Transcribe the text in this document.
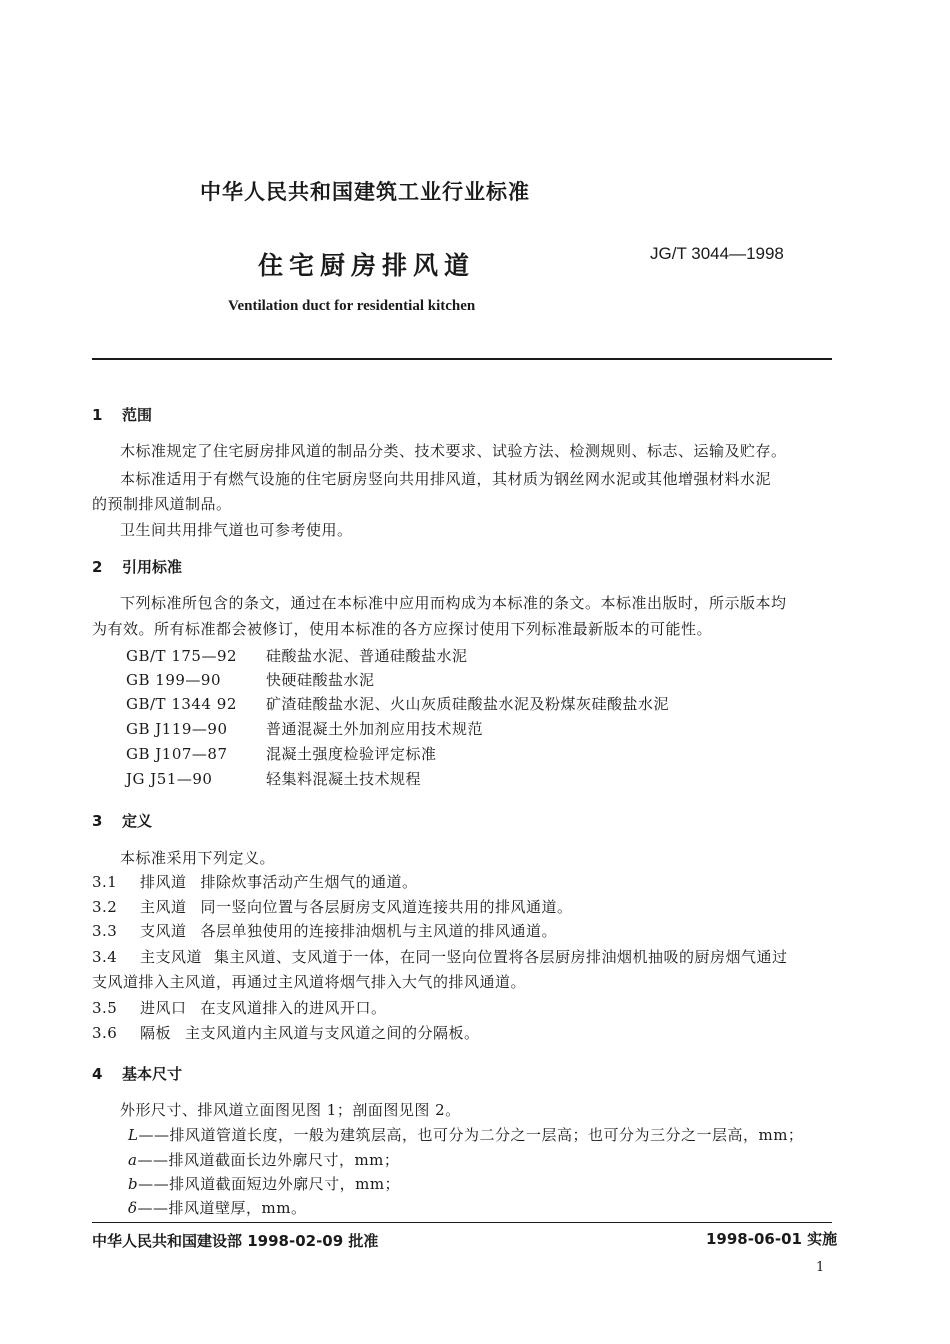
中华人民共和国建筑工业行业标准
住宅厨房排风道	JG/T 3044—1998
Ventilation duct for residential kitchen
1 范围
木标准规定了住宅厨房排风道的制品分类、技术要求、试验方法、检测规则、标志、运输及贮存。
本标准适用于有燃气设施的住宅厨房竖向共用排风道，其材质为钢丝网水泥或其他增强材料水泥
的预制排风道制品。
卫生间共用排气道也可参考使用。
2 引用标准
下列标准所包含的条文，通过在本标准中应用而构成为本标准的条文。本标准出版时，所示版本均
为有效。所有标准都会被修订，使用本标准的各方应探讨使用下列标准最新版本的可能性。
GB/T 175—92 硅酸盐水泥、普通硅酸盐水泥
GB 199—90	快硬硅酸盐水泥
GB/T 1344 92 矿渣硅酸盐水泥、火山灰质硅酸盐水泥及粉煤灰硅酸盐水泥
GB J119—90	普通混凝土外加剂应用技术规范
GB J107—87	混凝土强度检验评定标准
JG J51—90	轻集料混凝土技术规程
3 定义
本标准采用下列定义。
3.1 排风道 排除炊事活动产生烟气的通道。
3.2 主风道 同一竖向位置与各层厨房支风道连接共用的排风通道。
3.3 支风道 各层单独使用的连接排油烟机与主风道的排风通道。
3.4 主支风道 集主风道、支风道于一体，在同一竖向位置将各层厨房排油烟机抽吸的厨房烟气通过
支风道排入主风道，再通过主风道将烟气排入大气的排风通道。
3.5 进风口 在支风道排入的进风开口。
3.6 隔板 主支风道内主风道与支风道之间的分隔板。
4 基本尺寸
外形尺寸、排风道立面图见图 1；剖面图见图 2。
L——排风道管道长度，一般为建筑层高，也可分为二分之一层高；也可分为三分之一层高，mm；
a——排风道截面长边外廓尺寸，mm；
b——排风道截面短边外廓尺寸，mm；
δ——排风道壁厚，mm。
中华人民共和国建设部 1998-02-09 批准	1998-06-01 实施
1
